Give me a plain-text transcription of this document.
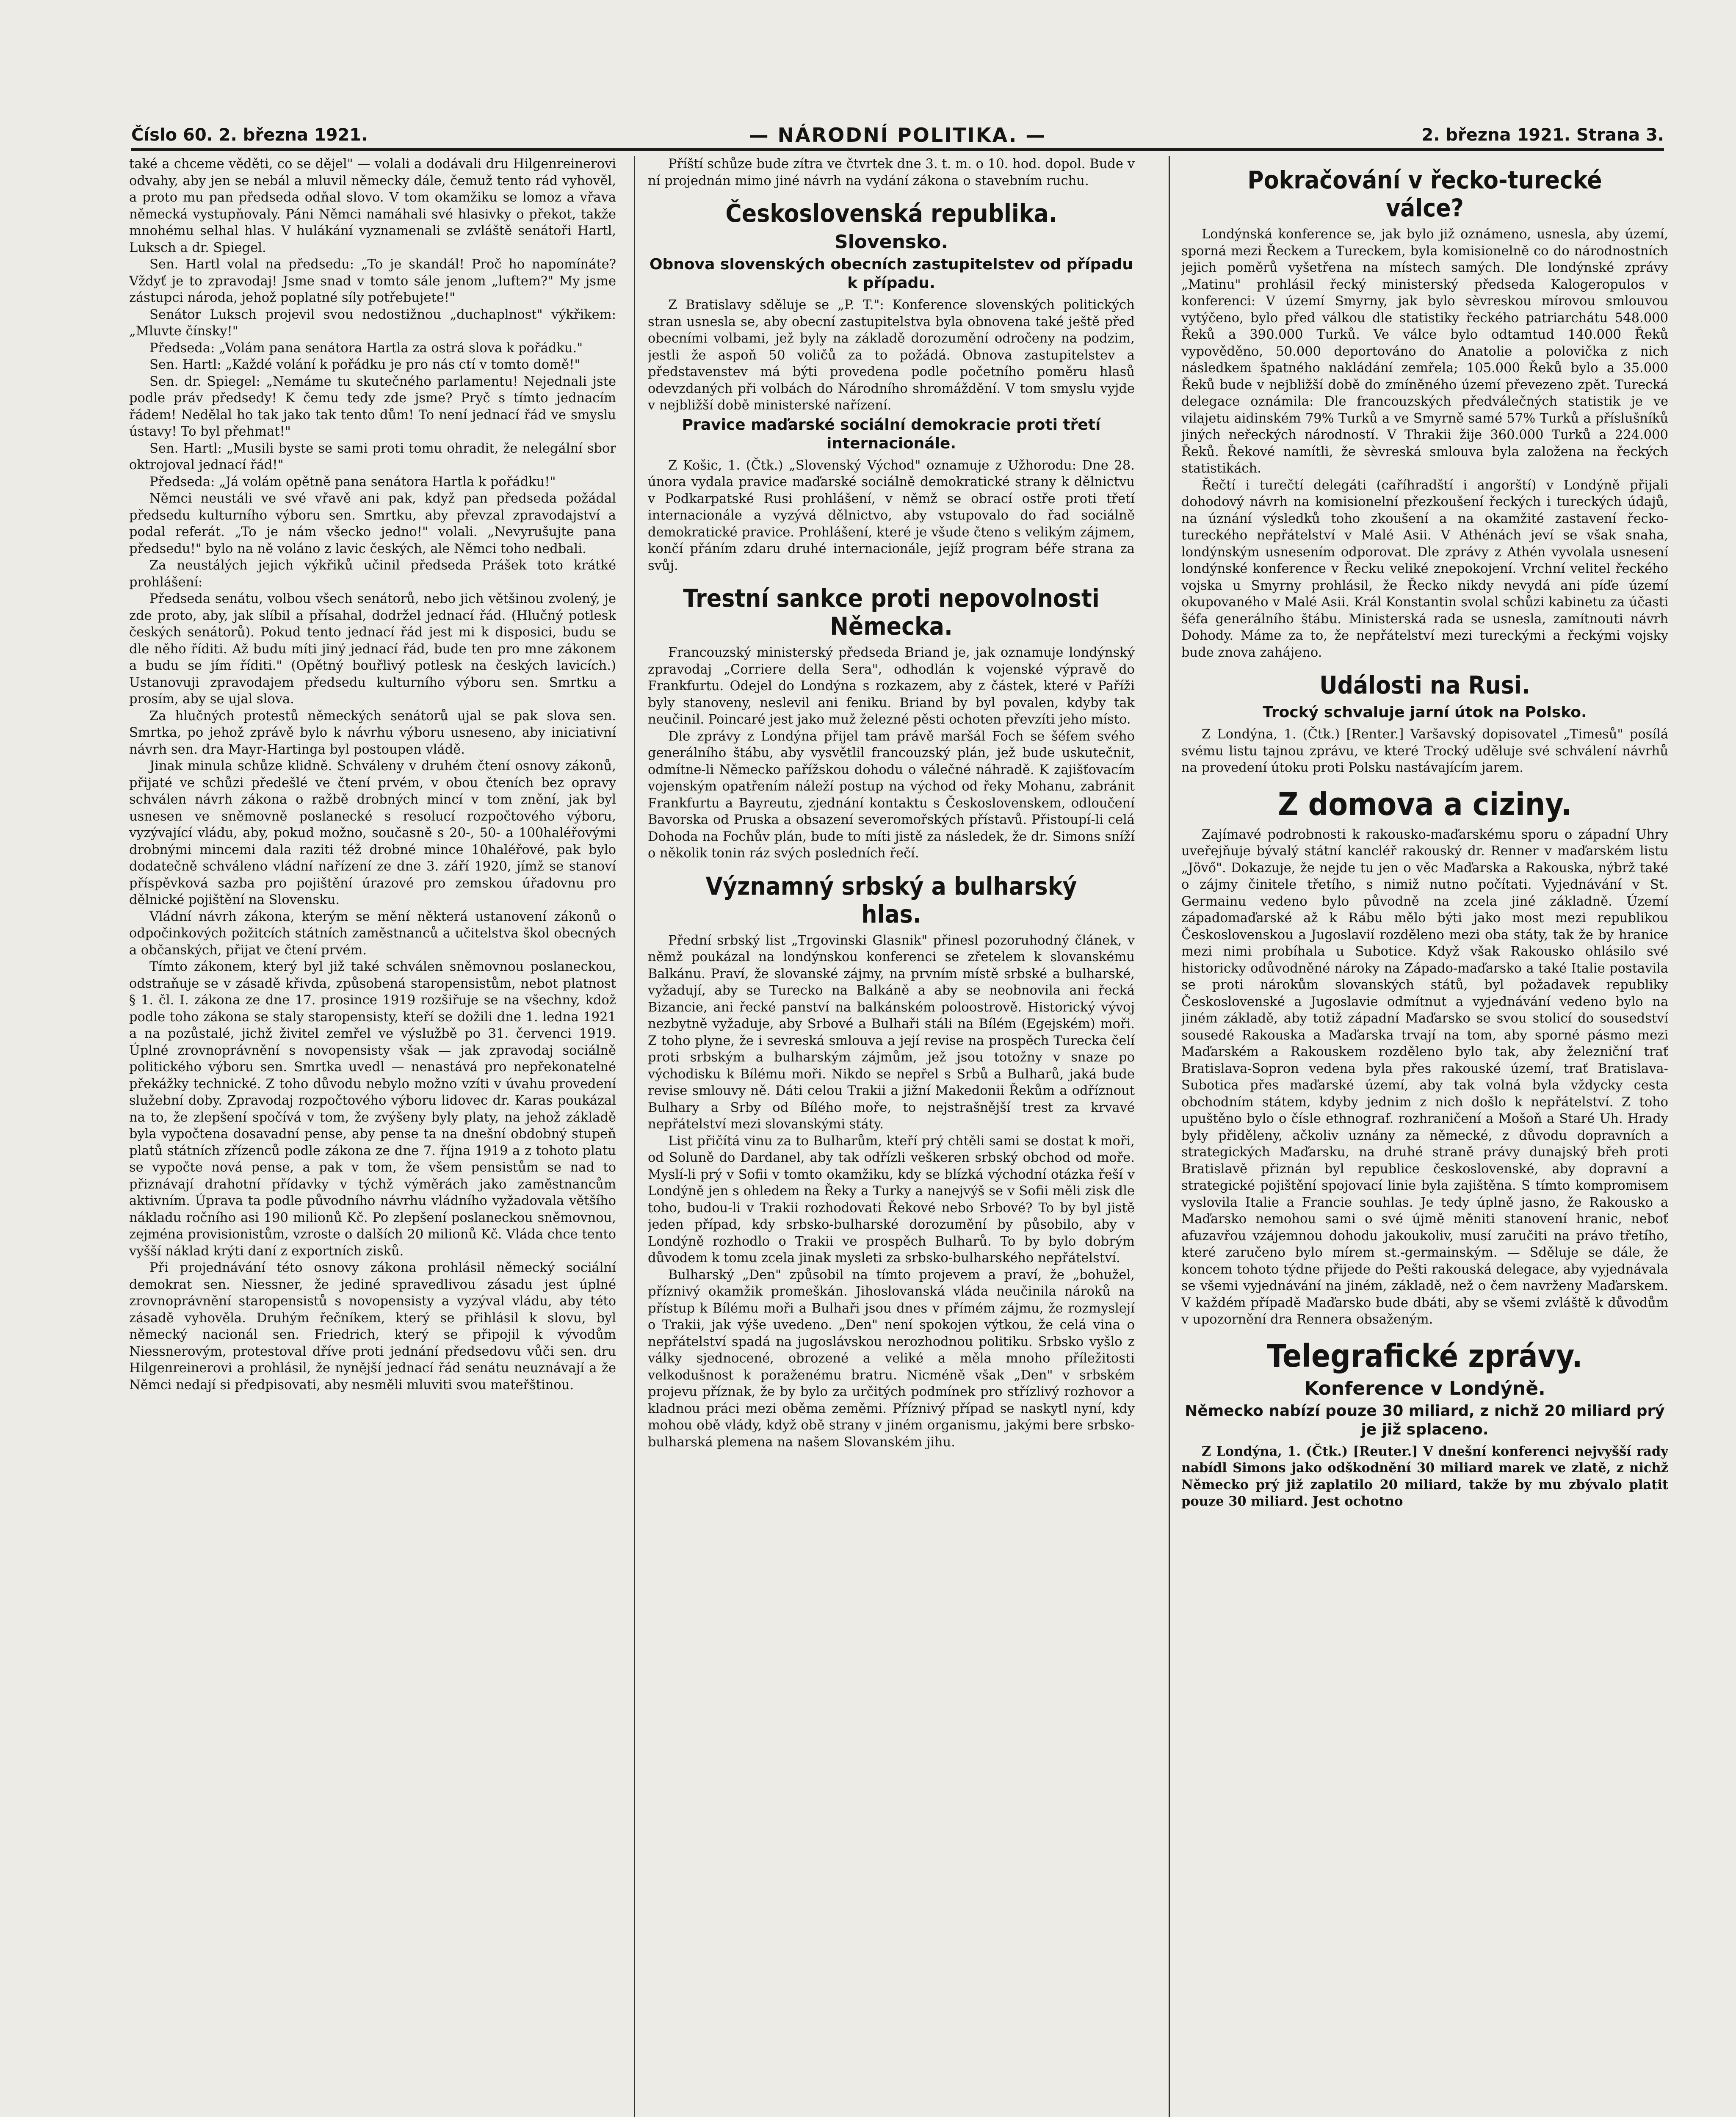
Číslo 60. 2. března 1921.	— NÁRODNÍ POLITIKA. —	2. března 1921. Strana 3.

také a chceme věděti, co se dějel" — volali a dodávali dru Hilgenreinerovi odvahy, aby jen se nebál a mluvil německy dále, čemuž tento rád vyhověl, a proto mu pan předseda odňal slovo. V tom okamžiku se lomoz a vřava německá vystupňovaly. Páni Němci namáhali své hlasivky o překot, takže mnohému selhal hlas. V hulákání vyznamenali se zvláště senátoři Hartl, Luksch a dr. Spiegel.

Sen. Hartl volal na předsedu: „To je skandál! Proč ho napomínáte? Vždyť je to zpravodaj! Jsme snad v tomto sále jenom „luftem?" My jsme zástupci národa, jehož poplatné síly potřebujete!"

Senátor Luksch projevil svou nedostižnou „duchaplnost" výkřikem: „Mluvte čínsky!"

Předseda: „Volám pana senátora Hartla za ostrá slova k pořádku."

Sen. Hartl: „Každé volání k pořádku je pro nás ctí v tomto domě!"

Sen. dr. Spiegel: „Nemáme tu skutečného parlamentu! Nejednali jste podle práv předsedy! K čemu tedy zde jsme? Pryč s tímto jednacím řádem! Nedělal ho tak jako tak tento dům! To není jednací řád ve smyslu ústavy! To byl přehmat!"

Sen. Hartl: „Musili byste se sami proti tomu ohradit, že nelegální sbor oktrojoval jednací řád!"

Předseda: „Já volám opětně pana senátora Hartla k pořádku!"

Němci neustáli ve své vřavě ani pak, když pan předseda požádal předsedu kulturního výboru sen. Smrtku, aby převzal zpravodajství a podal referát. „To je nám všecko jedno!" volali. „Nevyrušujte pana předsedu!" bylo na ně voláno z lavic českých, ale Němci toho nedbali.

Za neustálých jejich výkřiků učinil předseda Prášek toto krátké prohlášení:

Předseda senátu, volbou všech senátorů, nebo jich většinou zvolený, je zde proto, aby, jak slíbil a přísahal, dodržel jednací řád. (Hlučný potlesk českých senátorů). Pokud tento jednací řád jest mi k disposici, budu se dle něho říditi. Až budu míti jiný jednací řád, bude ten pro mne zákonem a budu se jím říditi." (Opětný bouřlivý potlesk na českých lavicích.) Ustanovuji zpravodajem předsedu kulturního výboru sen. Smrtku a prosím, aby se ujal slova.

Za hlučných protestů německých senátorů ujal se pak slova sen. Smrtka, po jehož zprávě bylo k návrhu výboru usneseno, aby iniciativní návrh sen. dra Mayr-Hartinga byl postoupen vládě.

Jinak minula schůze klidně. Schváleny v druhém čtení osnovy zákonů, přijaté ve schůzi předešlé ve čtení prvém, v obou čteních bez opravy schválen návrh zákona o ražbě drobných mincí v tom znění, jak byl usnesen ve sněmovně poslanecké s resolucí rozpočtového výboru, vyzývající vládu, aby, pokud možno, současně s 20-, 50- a 100haléřovými drobnými mincemi dala raziti též drobné mince 10haléřové, pak bylo dodatečně schváleno vládní nařízení ze dne 3. září 1920, jímž se stanoví příspěvková sazba pro pojištění úrazové pro zemskou úřadovnu pro dělnické pojištění na Slovensku.

Vládní návrh zákona, kterým se mění některá ustanovení zákonů o odpočinkových požitcích státních zaměstnanců a učitelstva škol obecných a občanských, přijat ve čtení prvém.

Tímto zákonem, který byl již také schválen sněmovnou poslaneckou, odstraňuje se v zásadě křivda, způsobená staropensistům, nebot platnost § 1. čl. I. zákona ze dne 17. prosince 1919 rozšiřuje se na všechny, kdož podle toho zákona se staly staropensisty, kteří se dožili dne 1. ledna 1921 a na pozůstalé, jichž živitel zemřel ve výslužbě po 31. červenci 1919. Úplné zrovnoprávnění s novopensisty však — jak zpravodaj sociálně politického výboru sen. Smrtka uvedl — nenastává pro nepřekonatelné překážky technické. Z toho důvodu nebylo možno vzíti v úvahu provedení služební doby. Zpravodaj rozpočtového výboru lidovec dr. Karas poukázal na to, že zlepšení spočívá v tom, že zvýšeny byly platy, na jehož základě byla vypočtena dosavadní pense, aby pense ta na dnešní obdobný stupeň platů státních zřízenců podle zákona ze dne 7. října 1919 a z tohoto platu se vypočte nová pense, a pak v tom, že všem pensistům se nad to přiznávají drahotní přídavky v týchž výměrách jako zaměstnancům aktivním. Úprava ta podle původního návrhu vládního vyžadovala většího nákladu ročního asi 190 milionů Kč. Po zlepšení poslaneckou sněmovnou, zejména provisionistům, vzroste o dalších 20 milionů Kč. Vláda chce tento vyšší náklad krýti daní z exportních zisků.

Při projednávání této osnovy zákona prohlásil německý sociální demokrat sen. Niessner, že jediné spravedlivou zásadu jest úplné zrovnoprávnění staropensistů s novopensisty a vyzýval vládu, aby této zásadě vyhověla. Druhým řečníkem, který se přihlásil k slovu, byl německý nacionál sen. Friedrich, který se připojil k vývodům Niessnerovým, protestoval dříve proti jednání předsedovu vůči sen. dru Hilgenreinerovi a prohlásil, že nynější jednací řád senátu neuznávají a že Němci nedají si předpisovati, aby nesměli mluviti svou mateřštinou.

Příští schůze bude zítra ve čtvrtek dne 3. t. m. o 10. hod. dopol. Bude v ní projednán mimo jiné návrh na vydání zákona o stavebním ruchu.

Československá republika.
Slovensko.
Obnova slovenských obecních zastupitelstev od případu k případu.

Z Bratislavy sděluje se „P. T.": Konference slovenských politických stran usnesla se, aby obecní zastupitelstva byla obnovena také ještě před obecními volbami, jež byly na základě dorozumění odročeny na podzim, jestli že aspoň 50 voličů za to požádá. Obnova zastupitelstev a představenstev má býti provedena podle početního poměru hlasů odevzdaných při volbách do Národního shromáždění. V tom smyslu vyjde v nejbližší době ministerské nařízení.

Pravice maďarské sociální demokracie proti třetí internacionále.

Z Košic, 1. (Čtk.) „Slovenský Východ" oznamuje z Užhorodu: Dne 28. února vydala pravice maďarské sociálně demokratické strany k dělnictvu v Podkarpatské Rusi prohlášení, v němž se obrací ostře proti třetí internacionále a vyzývá dělnictvo, aby vstupovalo do řad sociálně demokratické pravice. Prohlášení, které je všude čteno s velikým zájmem, končí přáním zdaru druhé internacionále, jejíž program béře strana za svůj.

Trestní sankce proti nepovolnosti Německa.

Francouzský ministerský předseda Briand je, jak oznamuje londýnský zpravodaj „Corriere della Sera", odhodlán k vojenské výpravě do Frankfurtu. Odejel do Londýna s rozkazem, aby z částek, které v Paříži byly stanoveny, neslevil ani feniku. Briand by byl povalen, kdyby tak neučinil. Poincaré jest jako muž železné pěsti ochoten převzíti jeho místo.

Dle zprávy z Londýna přijel tam právě maršál Foch se šéfem svého generálního štábu, aby vysvětlil francouzský plán, jež bude uskutečnit, odmítne-li Německo pařížskou dohodu o válečné náhradě. K zajišťovacím vojenským opatřením náleží postup na východ od řeky Mohanu, zabránit Frankfurtu a Bayreutu, zjednání kontaktu s Československem, odloučení Bavorska od Pruska a obsazení severomořských přístavů. Přistoupí-li celá Dohoda na Fochův plán, bude to míti jistě za následek, že dr. Simons sníží o několik tonin ráz svých posledních řečí.

Významný srbský a bulharský hlas.

Přední srbský list „Trgovinski Glasnik" přinesl pozoruhodný článek, v němž poukázal na londýnskou konferenci se zřetelem k slovanskému Balkánu. Praví, že slovanské zájmy, na prvním místě srbské a bulharské, vyžadují, aby se Turecko na Balkáně a aby se neobnovila ani řecká Bizancie, ani řecké panství na balkánském poloostrově. Historický vývoj nezbytně vyžaduje, aby Srbové a Bulhaři stáli na Bílém (Egejském) moři. Z toho plyne, že i sevreská smlouva a její revise na prospěch Turecka čelí proti srbským a bulharským zájmům, jež jsou totožny v snaze po východisku k Bílému moři. Nikdo se nepřel s Srbů a Bulharů, jaká bude revise smlouvy ně. Dáti celou Trakii a jižní Makedonii Řekům a odříznout Bulhary a Srby od Bílého moře, to nejstrašnější trest za krvavé nepřátelství mezi slovanskými státy.

List přičítá vinu za to Bulharům, kteří prý chtěli sami se dostat k moři, od Soluně do Dardanel, aby tak odřízli veškeren srbský obchod od moře. Myslí-li prý v Sofii v tomto okamžiku, kdy se blízká východní otázka řeší v Londýně jen s ohledem na Řeky a Turky a nanejvýš se v Sofii měli zisk dle toho, budou-li v Trakii rozhodovati Řekové nebo Srbové? To by byl jistě jeden případ, kdy srbsko-bulharské dorozumění by působilo, aby v Londýně rozhodlo o Trakii ve prospěch Bulharů. To by bylo dobrým důvodem k tomu zcela jinak mysleti za srbsko-bulharského nepřátelství.

Bulharský „Den" způsobil na tímto projevem a praví, že „bohužel, příznivý okamžik promeškán. Jihoslovanská vláda neučinila nároků na přístup k Bílému moři a Bulhaři jsou dnes v přímém zájmu, že rozmyslejí o Trakii, jak výše uvedeno. „Den" není spokojen výtkou, že celá vina o nepřátelství spadá na jugoslávskou nerozhodnou politiku. Srbsko vyšlo z války sjednocené, obrozené a veliké a měla mnoho příležitosti velkodušnost k poraženému bratru. Nicméně však „Den" v srbském projevu příznak, že by bylo za určitých podmínek pro střízlivý rozhovor a kladnou práci mezi oběma zeměmi. Příznivý případ se naskytl nyní, kdy mohou obě vlády, když obě strany v jiném organismu, jakými bere srbsko-bulharská plemena na našem Slovanském jihu.

Pokračování v řecko-turecké válce?

Londýnská konference se, jak bylo již oznámeno, usnesla, aby území, sporná mezi Řeckem a Tureckem, byla komisionelně co do národnostních jejich poměrů vyšetřena na místech samých. Dle londýnské zprávy „Matinu" prohlásil řecký ministerský předseda Kalogeropulos v konferenci: V území Smyrny, jak bylo sèvreskou mírovou smlouvou vytýčeno, bylo před válkou dle statistiky řeckého patriarchátu 548.000 Řeků a 390.000 Turků. Ve válce bylo odtamtud 140.000 Řeků vypověděno, 50.000 deportováno do Anatolie a polovička z nich následkem špatného nakládání zemřela; 105.000 Řeků bylo a 35.000 Řeků bude v nejbližší době do zmíněného území převezeno zpět. Turecká delegace oznámila: Dle francouzských předválečných statistik je ve vilajetu aidinském 79% Turků a ve Smyrně samé 57% Turků a příslušníků jiných neřeckých národností. V Thrakii žije 360.000 Turků a 224.000 Řeků. Řekové namítli, že sèvreská smlouva byla založena na řeckých statistikách.

Řečtí i turečtí delegáti (caříhradští i angorští) v Londýně přijali dohodový návrh na komisionelní přezkoušení řeckých i tureckých údajů, na úznání výsledků toho zkoušení a na okamžité zastavení řecko-tureckého nepřátelství v Malé Asii. V Athénách jeví se však snaha, londýnským usnesením odporovat. Dle zprávy z Athén vyvolala usnesení londýnské konference v Řecku veliké znepokojení. Vrchní velitel řeckého vojska u Smyrny prohlásil, že Řecko nikdy nevydá ani píďe území okupovaného v Malé Asii. Král Konstantin svolal schůzi kabinetu za účasti šéfa generálního štábu. Ministerská rada se usnesla, zamítnouti návrh Dohody. Máme za to, že nepřátelství mezi tureckými a řeckými vojsky bude znova zahájeno.

Události na Rusi.
Trocký schvaluje jarní útok na Polsko.

Z Londýna, 1. (Čtk.) [Renter.] Varšavský dopisovatel „Timesů" posílá svému listu tajnou zprávu, ve které Trocký uděluje své schválení návrhů na provedení útoku proti Polsku nastávajícím jarem.

Z domova a ciziny.

Zajímavé podrobnosti k rakousko-maďarskému sporu o západní Uhry uveřejňuje bývalý státní kancléř rakouský dr. Renner v maďarském listu „Jövő". Dokazuje, že nejde tu jen o věc Maďarska a Rakouska, nýbrž také o zájmy činitele třetího, s nimiž nutno počítati. Vyjednávání v St. Germainu vedeno bylo původně na zcela jiné základně. Území západomaďarské až k Rábu mělo býti jako most mezi republikou Československou a Jugoslavií rozděleno mezi oba státy, tak že by hranice mezi nimi probíhala u Subotice. Když však Rakousko ohlásilo své historicky odůvodněné nároky na Západo-maďarsko a také Italie postavila se proti nárokům slovanských států, byl požadavek republiky Československé a Jugoslavie odmítnut a vyjednávání vedeno bylo na jiném základě, aby totiž západní Maďarsko se svou stolicí do sousedství sousedé Rakouska a Maďarska trvají na tom, aby sporné pásmo mezi Maďarském a Rakouskem rozděleno bylo tak, aby železniční trať Bratislava-Sopron vedena byla přes rakouské území, trať Bratislava-Subotica přes maďarské území, aby tak volná byla vždycky cesta obchodním státem, kdyby jednim z nich došlo k nepřátelství. Z toho upuštěno bylo o čísle ethnograf. rozhraničení a Mošoň a Staré Uh. Hrady byly přiděleny, ačkoliv uznány za německé, z důvodu dopravních a strategických Maďarsku, na druhé straně právy dunajský břeh proti Bratislavě přiznán byl republice československé, aby dopravní a strategické pojištění spojovací linie byla zajištěna. S tímto kompromisem vyslovila Italie a Francie souhlas. Je tedy úplně jasno, že Rakousko a Maďarsko nemohou sami o své újmě měniti stanovení hranic, neboť afuzavřou vzájemnou dohodu jakoukoliv, musí zaručiti na právo třetího, které zaručeno bylo mírem st.-germainským. — Sděluje se dále, že koncem tohoto týdne přijede do Pešti rakouská delegace, aby vyjednávala se všemi vyjednávání na jiném, základě, než o čem navrženy Maďarskem. V každém případě Maďarsko bude dbáti, aby se všemi zvláště k důvodům v upozornění dra Rennera obsaženým.

Telegrafické zprávy.
Konference v Londýně.
Německo nabízí pouze 30 miliard, z nichž 20 miliard prý je již splaceno.

Z Londýna, 1. (Čtk.) [Reuter.] V dnešní konferenci nejvyšší rady nabídl Simons jako odškodnění 30 miliard marek ve zlatě, z nichž Německo prý již zaplatilo 20 miliard, takže by mu zbývalo platit pouze 30 miliard. Jest ochotno
